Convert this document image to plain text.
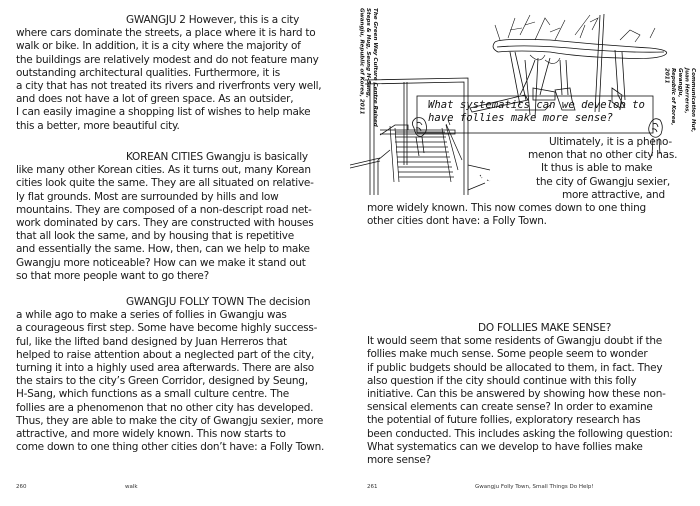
GWANGJU 2 However, this is a city
where cars dominate the streets, a place where it is hard to
walk or bike. In addition, it is a city where the majority of
the buildings are relatively modest and do not feature many
outstanding architectural qualities. Furthermore, it is
a city that has not treated its rivers and riverfronts very well,
and does not have a lot of green space. As an outsider,
I can easily imagine a shopping list of wishes to help make
this a better, more beautiful city.
KOREAN CITIES Gwangju is basically
like many other Korean cities. As it turns out, many Korean
cities look quite the same. They are all situated on relative-
ly flat grounds. Most are surrounded by hills and low
mountains. They are composed of a non-descript road net-
work dominated by cars. They are constructed with houses
that all look the same, and by housing that is repetitive
and essentially the same. How, then, can we help to make
Gwangju more noticeable? How can we make it stand out
so that more people want to go there?
GWANGJU FOLLY TOWN The decision
a while ago to make a series of follies in Gwangju was
a courageous first step. Some have become highly success-
ful, like the lifted band designed by Juan Herreros that
helped to raise attention about a neglected part of the city,
turning it into a highly used area afterwards. There are also
the stairs to the city’s Green Corridor, designed by Seung,
H-Sang, which functions as a small culture centre. The
follies are a phenomenon that no other city has developed.
Thus, they are able to make the city of Gwangju sexier, more
attractive, and more widely known. This now starts to
come down to one thing other cities don’t have: a Folly Town.
260	walk
The Green Way Culture Centre Raised
Steps & Hug, Seung H-Sang,
Gwangju, Republic of Korea, 2011	Communication Hut,
Juan Herreros,
Gwangju,
Republic of Korea,
2011
Ultimately, it is a pheno-
menon that no other city has.
It thus is able to make
the city of Gwangju sexier,
more attractive, and
more widely known. This now comes down to one thing
other cities dont have: a Folly Town.
What systematics can we develop to
have follies make more sense?
DO FOLLIES MAKE SENSE?
It would seem that some residents of Gwangju doubt if the
follies make much sense. Some people seem to wonder
if public budgets should be allocated to them, in fact. They
also question if the city should continue with this folly
initiative. Can this be answered by showing how these non-
sensical elements can create sense? In order to examine
the potential of future follies, exploratory research has
been conducted. This includes asking the following question:
What systematics can we develop to have follies make
more sense?
261	Gwangju Folly Town, Small Things Do Help!
